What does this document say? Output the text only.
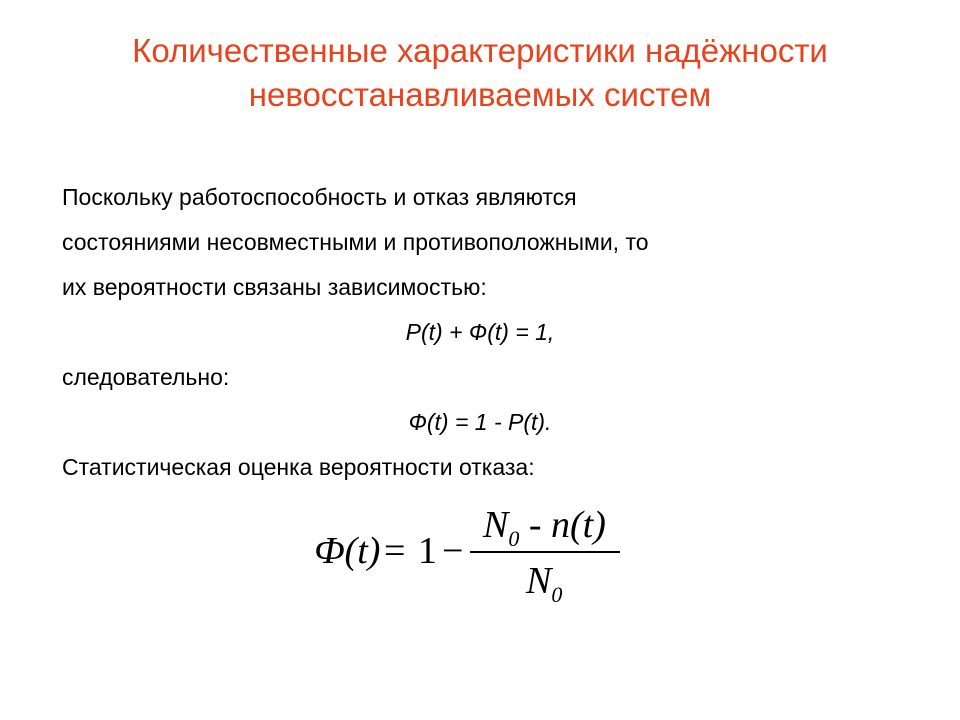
Количественные характеристики надёжности
невосстанавливаемых систем
Поскольку работоспособность и отказ являются
состояниями несовместными и противоположными, то
их вероятности связаны зависимостью:
P(t) + Ф(t) = 1,
следовательно:
Ф(t) = 1 - P(t).
Статистическая оценка вероятности отказа:
Ф(t) = 1 −
$N_0 - n(t)$
$N_0$
